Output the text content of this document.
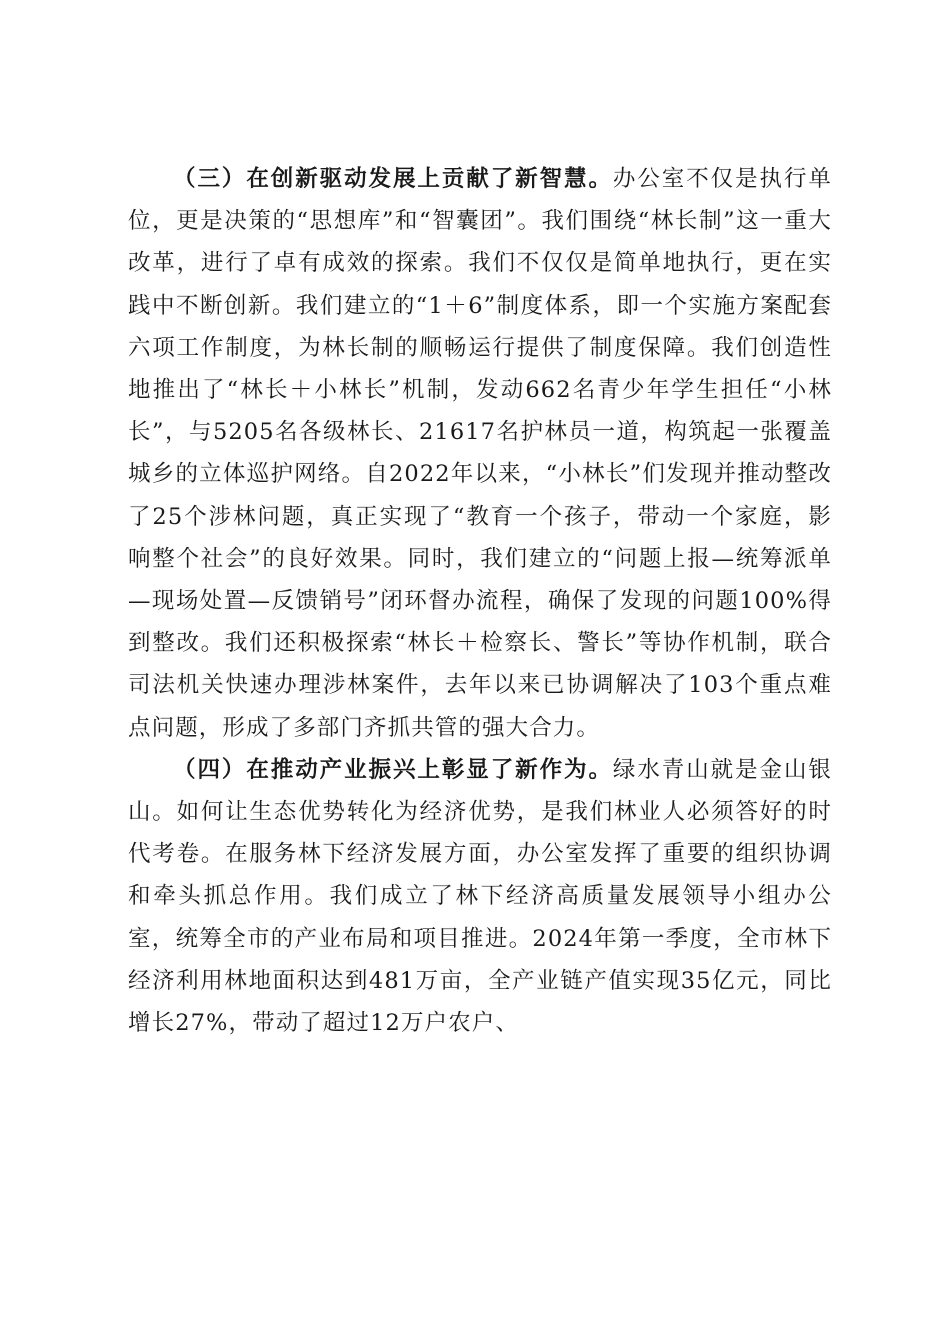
（三）在创新驱动发展上贡献了新智慧。办公室不仅是执行单位，更是决策的“思想库”和“智囊团”。我们围绕“林长制”这一重大改革，进行了卓有成效的探索。我们不仅仅是简单地执行，更在实践中不断创新。我们建立的“1＋6”制度体系，即一个实施方案配套六项工作制度，为林长制的顺畅运行提供了制度保障。我们创造性地推出了“林长＋小林长”机制，发动662名青少年学生担任“小林长”，与5205名各级林长、21617名护林员一道，构筑起一张覆盖城乡的立体巡护网络。自2022年以来，“小林长”们发现并推动整改了25个涉林问题，真正实现了“教育一个孩子，带动一个家庭，影响整个社会”的良好效果。同时，我们建立的“问题上报—统筹派单—现场处置—反馈销号”闭环督办流程，确保了发现的问题100%得到整改。我们还积极探索“林长＋检察长、警长”等协作机制，联合司法机关快速办理涉林案件，去年以来已协调解决了103个重点难点问题，形成了多部门齐抓共管的强大合力。

（四）在推动产业振兴上彰显了新作为。绿水青山就是金山银山。如何让生态优势转化为经济优势，是我们林业人必须答好的时代考卷。在服务林下经济发展方面，办公室发挥了重要的组织协调和牵头抓总作用。我们成立了林下经济高质量发展领导小组办公室，统筹全市的产业布局和项目推进。2024年第一季度，全市林下经济利用林地面积达到481万亩，全产业链产值实现35亿元，同比增长27%，带动了超过12万户农户、
